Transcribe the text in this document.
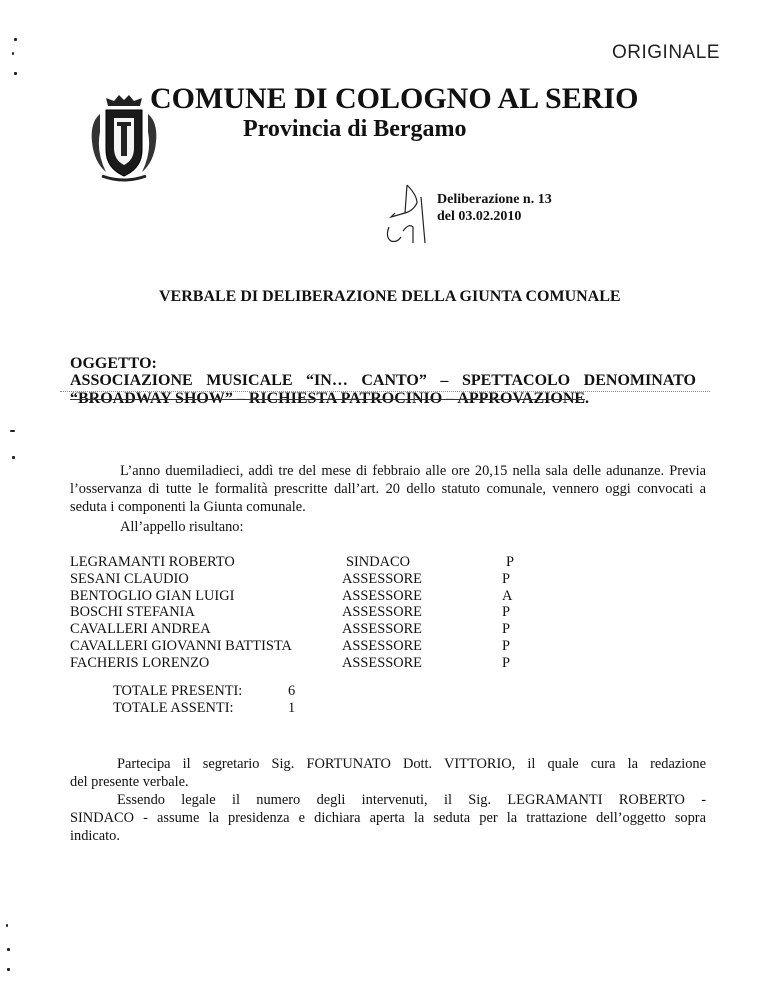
ORIGINALE
COMUNE DI COLOGNO AL SERIO
Provincia di Bergamo
Deliberazione n. 13
del 03.02.2010
VERBALE DI DELIBERAZIONE DELLA GIUNTA COMUNALE
OGGETTO:
ASSOCIAZIONE MUSICALE “IN… CANTO” – SPETTACOLO DENOMINATO
“BROADWAY SHOW” – RICHIESTA PATROCINIO – APPROVAZIONE.
L’anno duemiladieci, addì tre del mese di febbraio alle ore 20,15 nella sala delle adunanze. Previa l’osservanza di tutte le formalità prescritte dall’art. 20 dello statuto comunale, vennero oggi convocati a seduta i componenti la Giunta comunale.
All’appello risultano:
LEGRAMANTI ROBERTO	SINDACO	P
SESANI CLAUDIO	ASSESSORE	P
BENTOGLIO GIAN LUIGI	ASSESSORE	A
BOSCHI STEFANIA	ASSESSORE	P
CAVALLERI ANDREA	ASSESSORE	P
CAVALLERI GIOVANNI BATTISTA	ASSESSORE	P
FACHERIS LORENZO	ASSESSORE	P
TOTALE PRESENTI:	6
TOTALE ASSENTI:	1
Partecipa il segretario Sig. FORTUNATO Dott. VITTORIO, il quale cura la redazione
del presente verbale.
Essendo legale il numero degli intervenuti, il Sig. LEGRAMANTI ROBERTO -
SINDACO - assume la presidenza e dichiara aperta la seduta per la trattazione dell’oggetto sopra
indicato.
